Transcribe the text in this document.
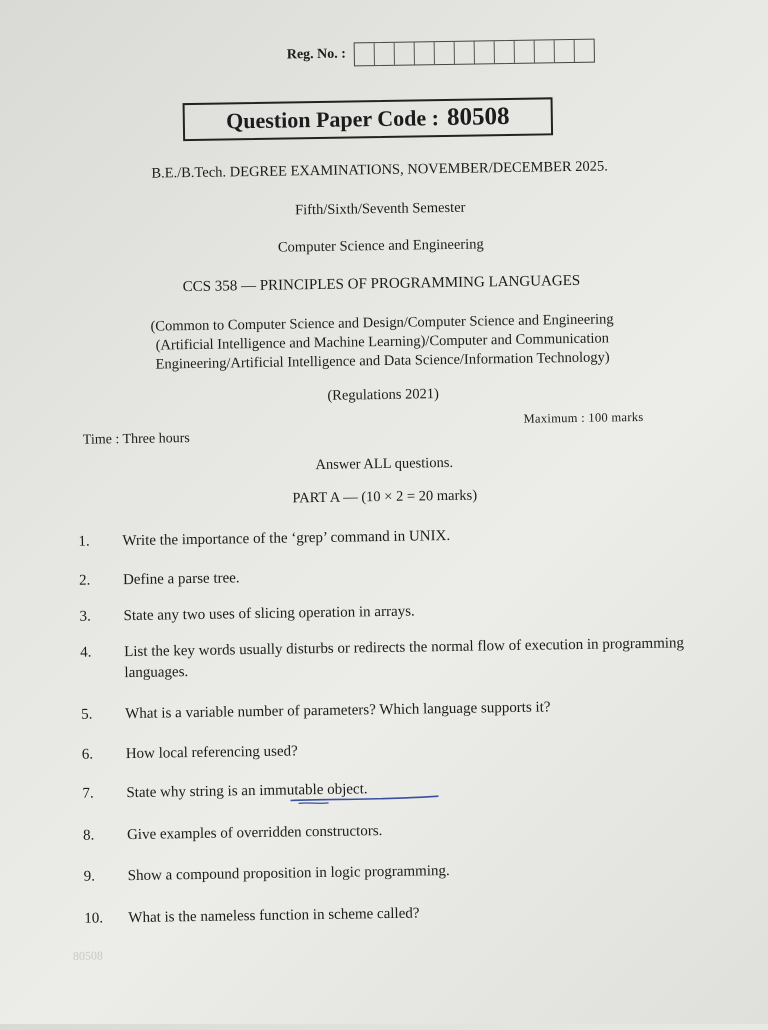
Reg. No. :
Question Paper Code : 80508
B.E./B.Tech. DEGREE EXAMINATIONS, NOVEMBER/DECEMBER 2025.
Fifth/Sixth/Seventh Semester
Computer Science and Engineering
CCS 358 — PRINCIPLES OF PROGRAMMING LANGUAGES
(Common to Computer Science and Design/Computer Science and Engineering
(Artificial Intelligence and Machine Learning)/Computer and Communication
Engineering/Artificial Intelligence and Data Science/Information Technology)
(Regulations 2021)
Time : Three hours
Maximum : 100 marks
Answer ALL questions.
PART A — (10 × 2 = 20 marks)
1.	Write the importance of the ‘grep’ command in UNIX.
2.	Define a parse tree.
3.	State any two uses of slicing operation in arrays.
4.	List the key words usually disturbs or redirects the normal flow of execution in programming languages.
5.	What is a variable number of parameters? Which language supports it?
6.	How local referencing used?
7.	State why string is an immutable object.
8.	Give examples of overridden constructors.
9.	Show a compound proposition in logic programming.
10.	What is the nameless function in scheme called?
80508
